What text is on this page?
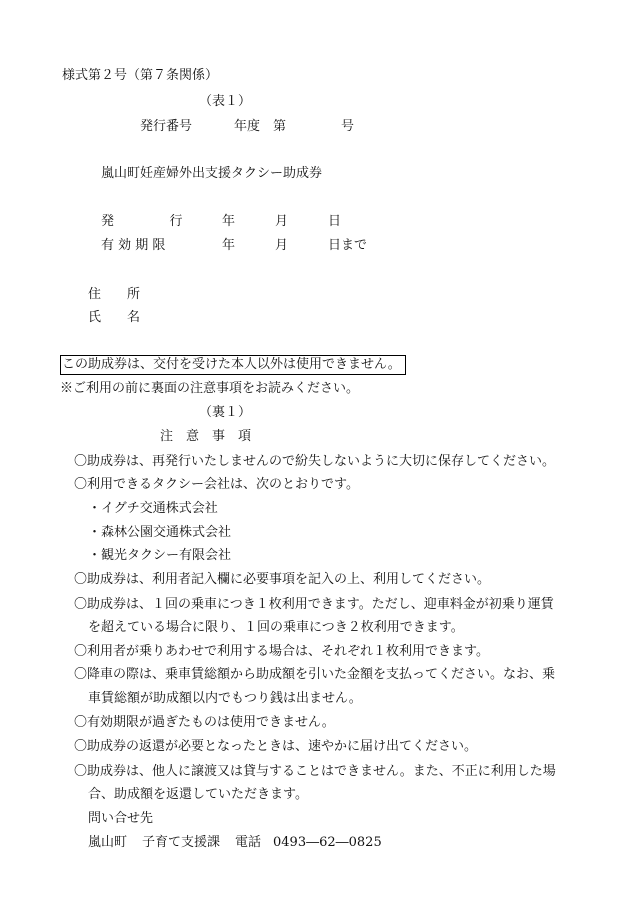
様式第２号（第７条関係）
（表１）
発行番号	年度 第	号
嵐山町妊産婦外出支援タクシー助成券
発　　　　行	年	月	日
有 効 期 限	年	月	日まで
住　　所
氏　　名
この助成券は、交付を受けた本人以外は使用できません。
※ご利用の前に裏面の注意事項をお読みください。
（裏１）
注　意　事　項
〇助成券は、再発行いたしませんので紛失しないように大切に保存してください。
〇利用できるタクシー会社は、次のとおりです。
・イグチ交通株式会社
・森林公園交通株式会社
・観光タクシー有限会社
〇助成券は、利用者記入欄に必要事項を記入の上、利用してください。
〇助成券は、１回の乗車につき１枚利用できます。ただし、迎車料金が初乗り運賃
を超えている場合に限り、１回の乗車につき２枚利用できます。
〇利用者が乗りあわせで利用する場合は、それぞれ１枚利用できます。
〇降車の際は、乗車賃総額から助成額を引いた金額を支払ってください。なお、乗
車賃総額が助成額以内でもつり銭は出ません。
〇有効期限が過ぎたものは使用できません。
〇助成券の返還が必要となったときは、速やかに届け出てください。
〇助成券は、他人に譲渡又は貸与することはできません。また、不正に利用した場
合、助成額を返還していただきます。
問い合せ先
嵐山町 子育て支援課 電話 0493―62―0825
